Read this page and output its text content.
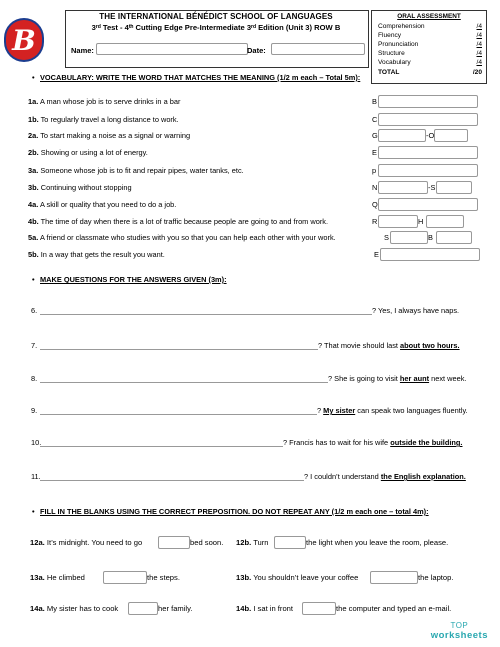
B
THE INTERNATIONAL BÉNÉDICT SCHOOL OF LANGUAGES
3ʳᵈ Test - 4ᵗʰ Cutting Edge Pre-Intermediate 3ʳᵈ Edition (Unit 3) ROW B
Name:	Date:
ORAL ASSESSMENT
Comprehension	/4
Fluency	/4
Pronunciation	/4
Structure	/4
Vocabulary	/4
TOTAL	/20
• VOCABULARY: WRITE THE WORD THAT MATCHES THE MEANING (1/2 m each – Total 5m):
1a. A man whose job is to serve drinks in a bar	B
1b. To regularly travel a long distance to work.	C
2a. To start making a noise as a signal or warning	G	-O
2b. Showing or using a lot of energy.	E
3a. Someone whose job is to fit and repair pipes, water tanks, etc.	p
3b. Continuing without stopping	N	-S
4a. A skill or quality that you need to do a job.	Q
4b. The time of day when there is a lot of traffic because people are going to and from work.	R	H
5a. A friend or classmate who studies with you so that you can help each other with your work.	S	B
5b. In a way that gets the result you want.	E
• MAKE QUESTIONS FOR THE ANSWERS GIVEN (3m):
6.	? Yes, I always have naps.
7.	? That movie should last about two hours.
8.	? She is going to visit her aunt next week.
9.	? My sister can speak two languages fluently.
10.	? Francis has to wait for his wife outside the building.
11.	? I couldn’t understand the English explanation.
• FILL IN THE BLANKS USING THE CORRECT PREPOSITION. DO NOT REPEAT ANY (1/2 m each one – total 4m):
12a. It’s midnight. You need to go	bed soon. 12b. Turn	the light when you leave the room, please.
13a. He climbed	the steps.	13b. You shouldn’t leave your coffee	the laptop.
14a. My sister has to cook	her family.	14b. I sat in front	the computer and typed an e-mail.
TOP
worksheets
